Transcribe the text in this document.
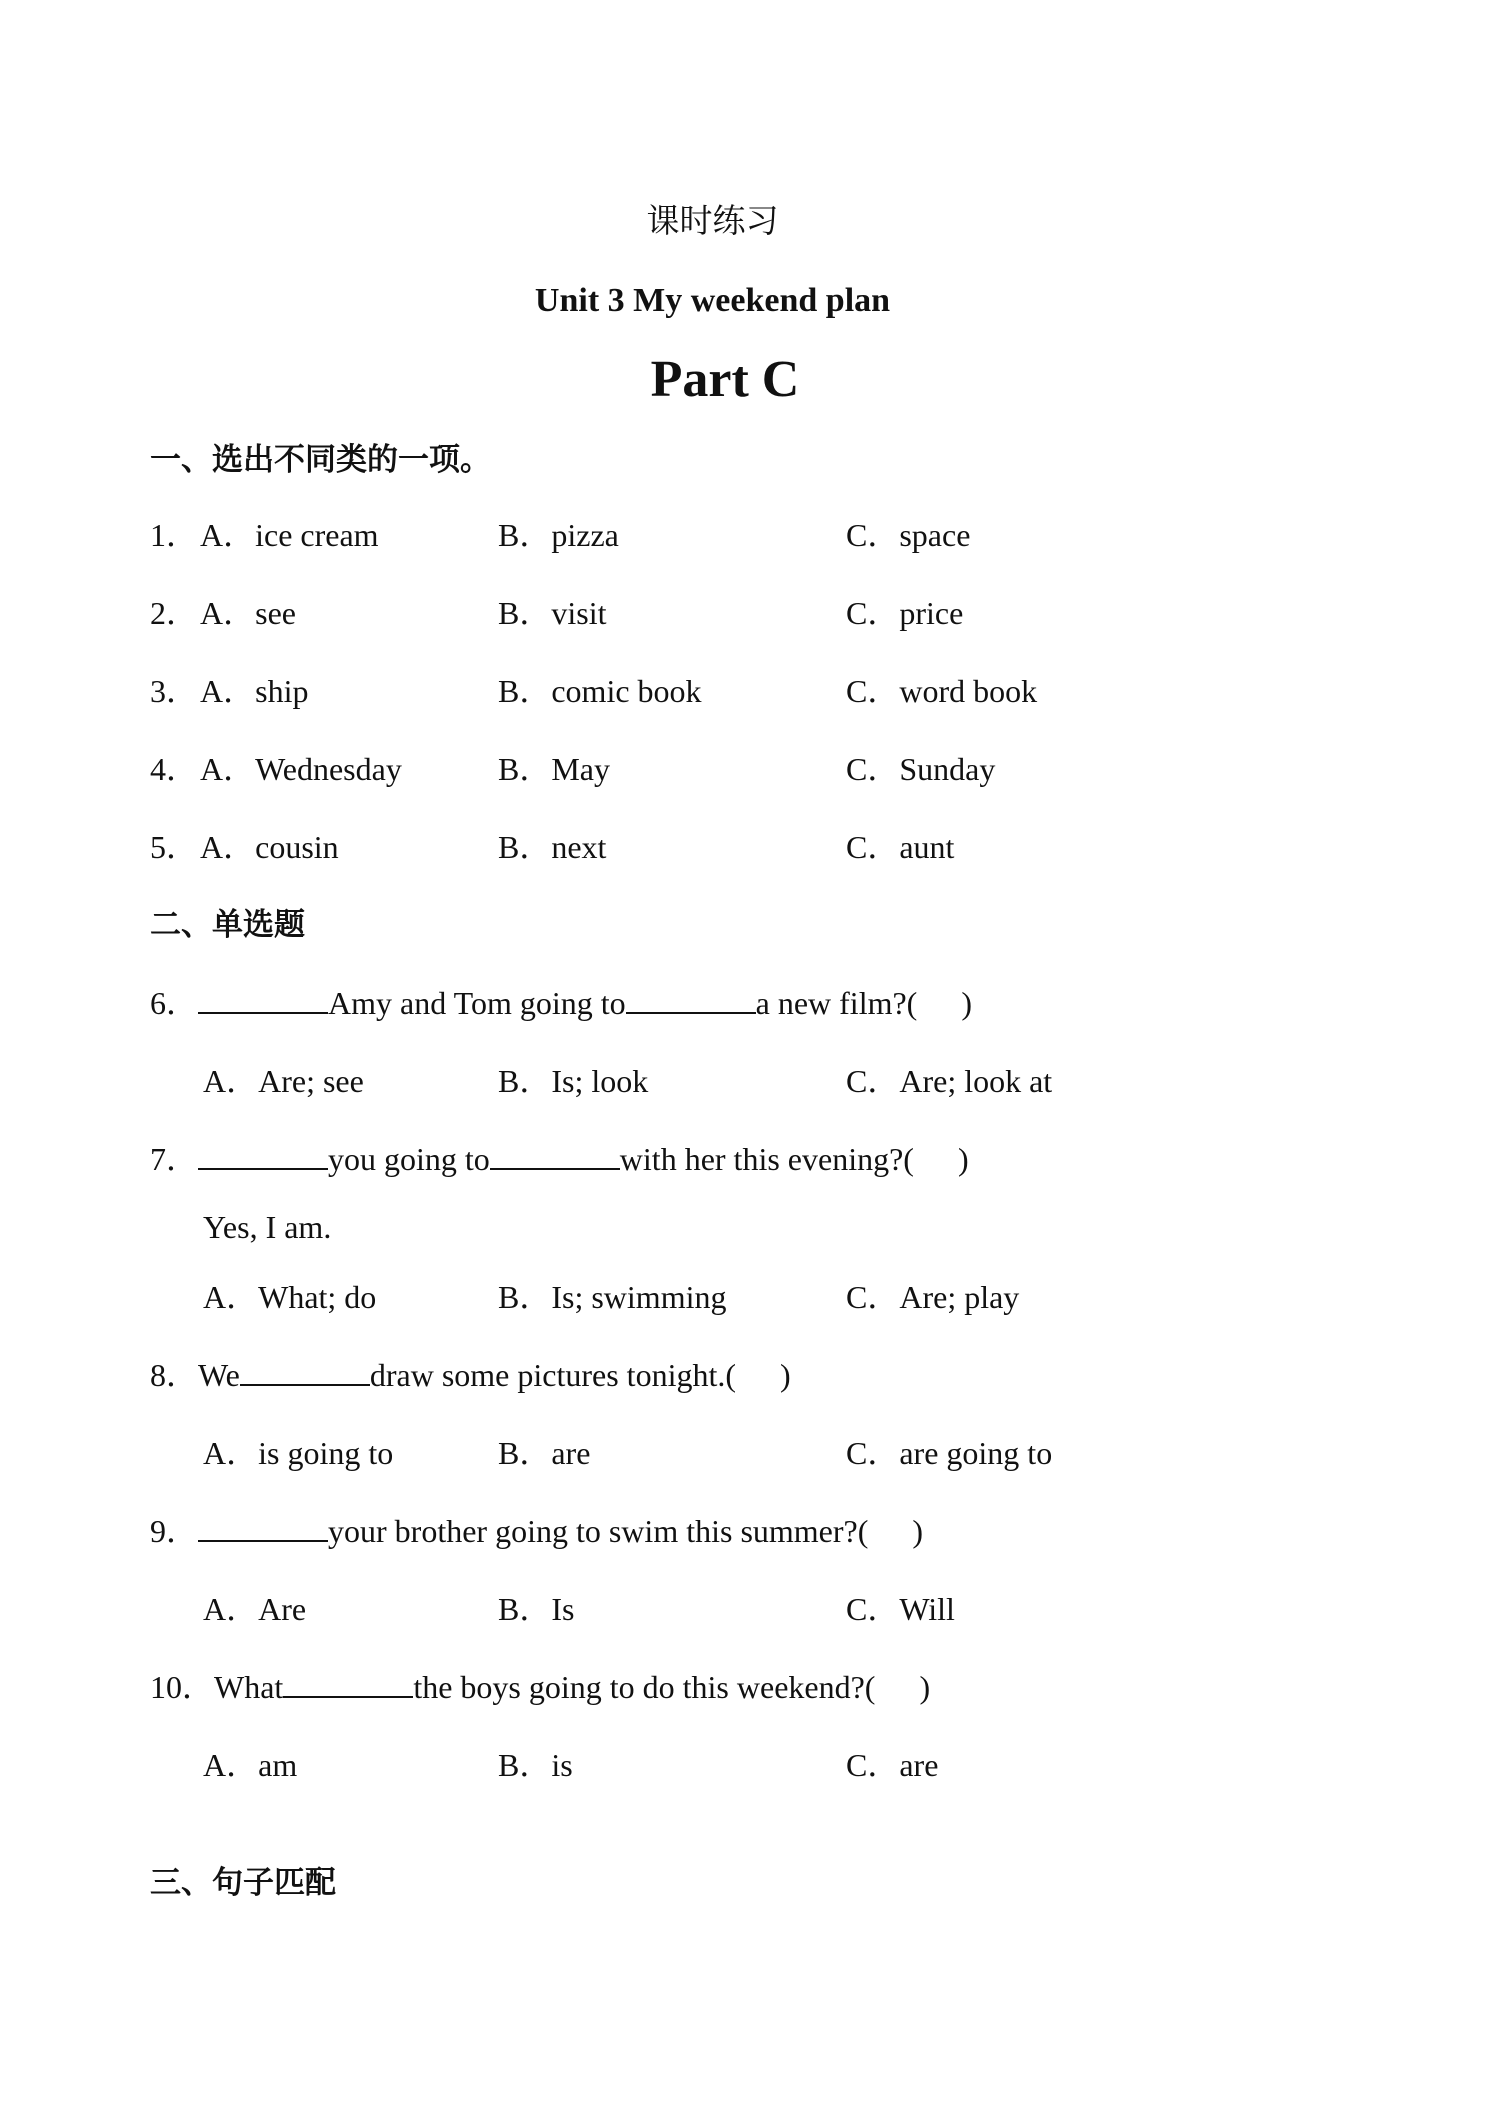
课时练习
Unit 3 My weekend plan
Part C
一、选出不同类的一项。
1． A．ice cream	B．pizza	C．space
2． A．see	B．visit	C．price
3． A．ship	B．comic book	C．word book
4． A．Wednesday	B．May	C．Sunday
5． A．cousin	B．next	C．aunt
二、单选题
6．	Amy and Tom going to	a new film?( )
A．Are; see	B．Is; look	C．Are; look at
7．	you going to	with her this evening?( )
Yes, I am.
A．What; do	B．Is; swimming	C．Are; play
8．We	draw some pictures tonight.( )
A．is going to	B．are	C．are going to
9．	your brother going to swim this summer?( )
A．Are	B．Is	C．Will
10．What	the boys going to do this weekend?( )
A．am	B．is	C．are
三、句子匹配
